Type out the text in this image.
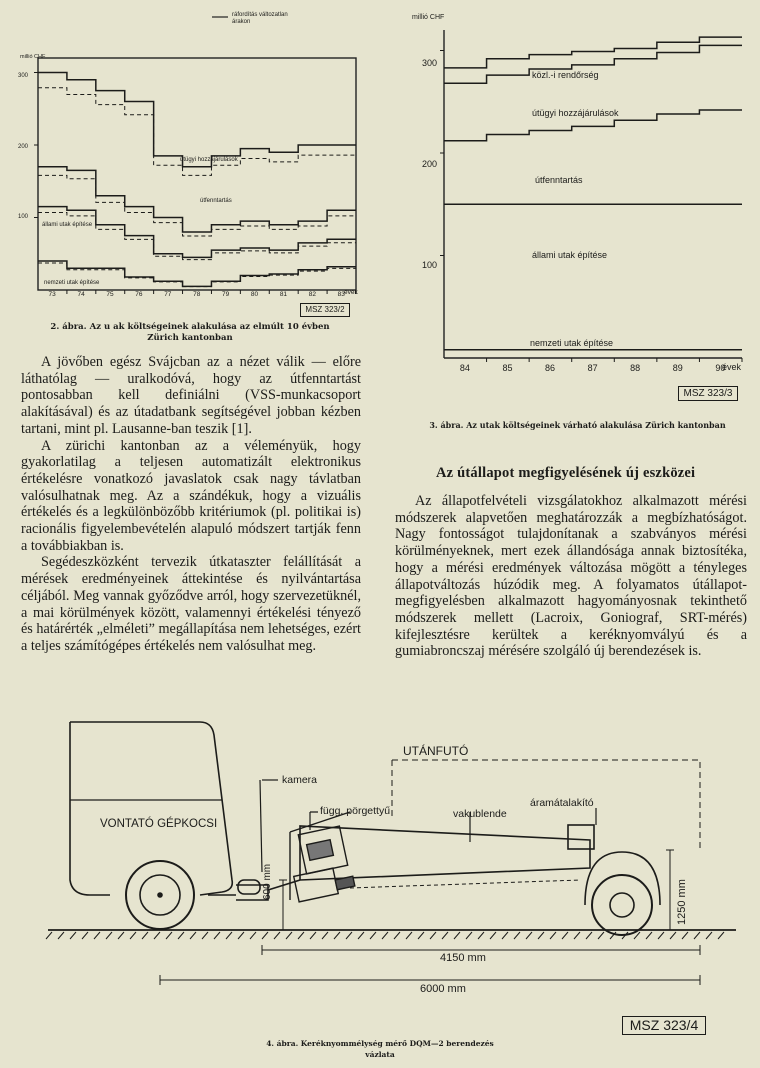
ráfordítás változatlan
árakon
millió CHF
300
200
100
73	74	75	76	77	78	79	80	81	82	83 évek
útügyi hozzájárulások
útfenntartás
állami utak építése
nemzeti utak építése
MSZ 323/2
2. ábra. Az u ak költségeinek alakulása az elmúlt 10 évben
Zürich kantonban
millió CHF
300
200
100
84	85	86	87	88	89	90
évek
közl.-i rendőrség
útügyi hozzájárulások
útfenntartás
állami utak építése
nemzeti utak építése
MSZ 323/3
3. ábra. Az utak költségeinek várható alakulása Zürich kantonban

A jövőben egész Svájcban az a nézet válik — előre láthatólag — uralkodóvá, hogy az útfenntartást pontosabban kell definiálni (VSS-munkacsoport alakításával) és az útadatbank segítségével jobban kézben tartani, mint pl. Lausanne-ban teszik [1].

A zürichi kantonban az a véleményük, hogy gyakorlatilag a teljesen automatizált elektronikus értékelésre vonatkozó javaslatok csak nagy távlatban valósulhatnak meg. Az a szándékuk, hogy a vizuális értékelés és a legkülönbözőbb kritériumok (pl. politikai is) racionális figyelembevételén alapuló módszert tartják fenn a továbbiakban is.

Segédeszközként tervezik útkataszter felállítását a mérések eredményeinek áttekintése és nyilvántartása céljából. Meg vannak győződve arról, hogy szervezetüknél, a mai körülmények között, valamennyi értékelési tényező és határérték „elméleti” megállapítása nem lehetséges, ezért a teljes számítógépes értékelés nem valósulhat meg.

Az útállapot megfigyelésének új eszközei

Az állapotfelvételi vizsgálatokhoz alkalmazott mérési módszerek alapvetően meghatározzák a megbízhatóságot. Nagy fontosságot tulajdonítanak a szabványos mérési körülményeknek, mert ezek állandósága annak biztosítéka, hogy a mérési eredmények változása mögött a tényleges állapotváltozás húzódik meg. A folyamatos útállapot-megfigyelésben alkalmazott hagyományosnak tekinthető módszerek mellett (Lacroix, Goniograf, SRT-mérés) kifejlesztésre kerültek a keréknyomvályú és a gumiabroncszaj mérésére szolgáló új berendezések is.

UTÁNFUTÓ
kamera
VONTATÓ GÉPKOCSI
függ. pörgettyű	vakublende
áramátalakító
600 mm	1250 mm
4150 mm
6000 mm
MSZ 323/4
4. ábra. Keréknyommélység mérő DQM—2 berendezés
vázlata
